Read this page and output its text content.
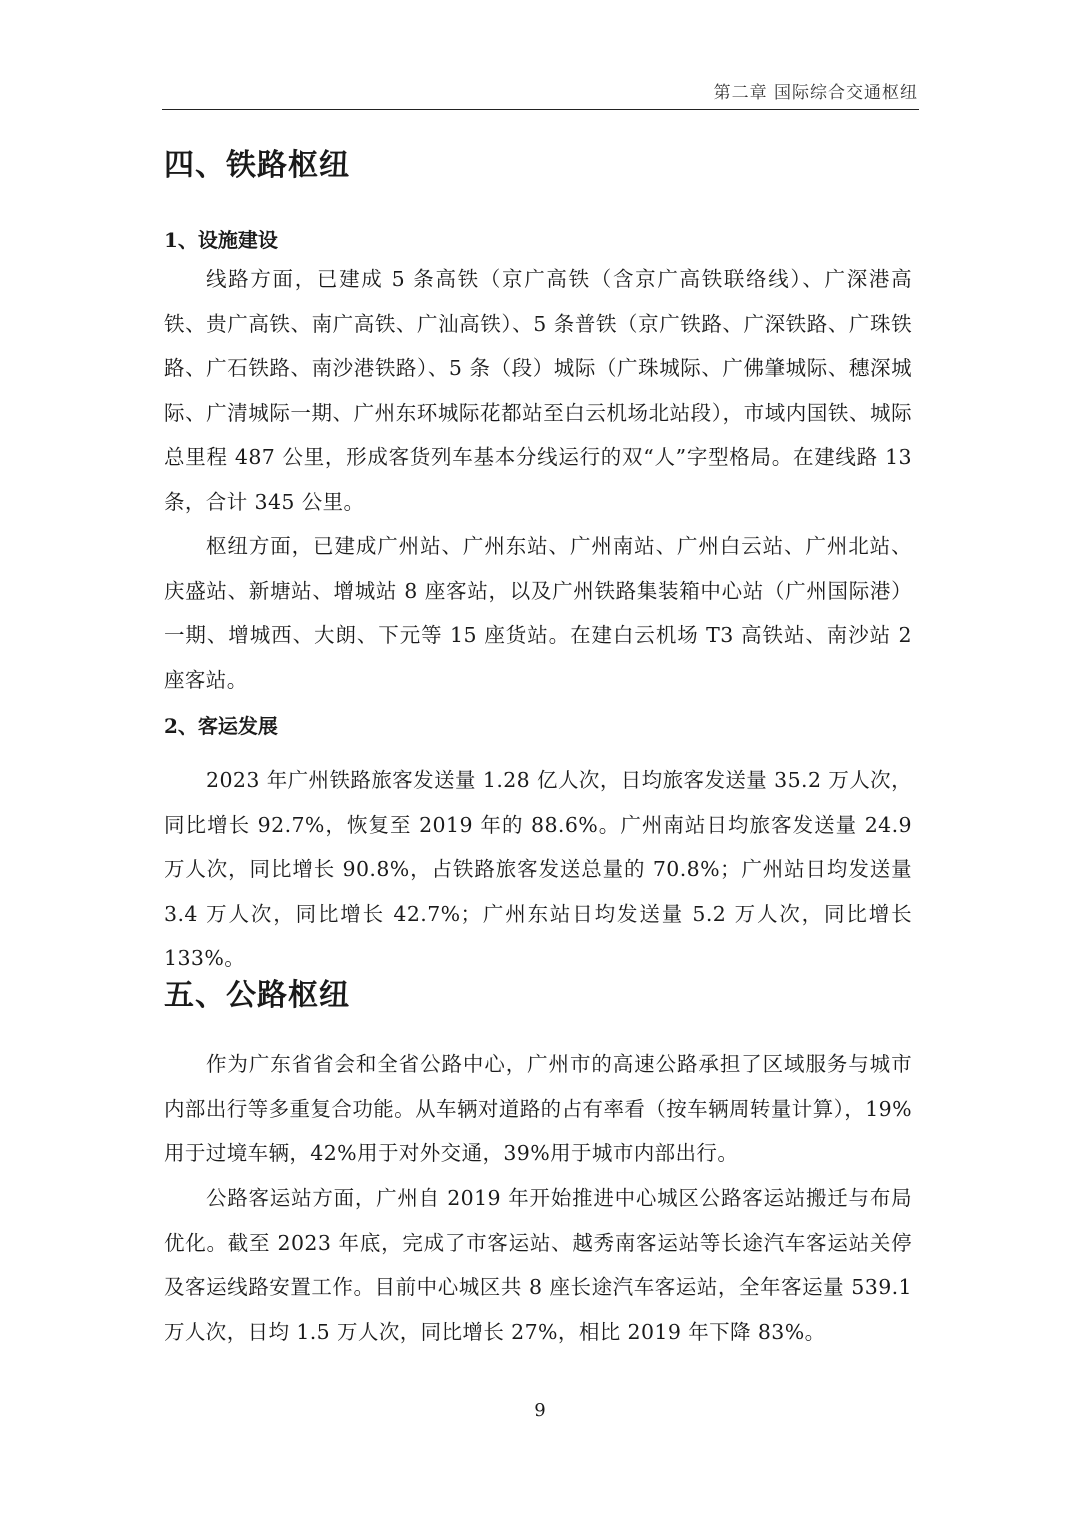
第二章 国际综合交通枢纽
四、铁路枢纽
1、设施建设

线路方面，已建成 5 条高铁（京广高铁（含京广高铁联络线）、广深港高铁、贵广高铁、南广高铁、广汕高铁）、5 条普铁（京广铁路、广深铁路、广珠铁路、广石铁路、南沙港铁路）、5 条（段）城际（广珠城际、广佛肇城际、穗深城际、广清城际一期、广州东环城际花都站至白云机场北站段），市域内国铁、城际总里程 487 公里，形成客货列车基本分线运行的双“人”字型格局。在建线路 13 条，合计 345 公里。

枢纽方面，已建成广州站、广州东站、广州南站、广州白云站、广州北站、庆盛站、新塘站、增城站 8 座客站，以及广州铁路集装箱中心站（广州国际港）一期、增城西、大朗、下元等 15 座货站。在建白云机场 T3 高铁站、南沙站 2 座客站。

2、客运发展

2023 年广州铁路旅客发送量 1.28 亿人次，日均旅客发送量 35.2 万人次，同比增长 92.7%，恢复至 2019 年的 88.6%。广州南站日均旅客发送量 24.9 万人次，同比增长 90.8%，占铁路旅客发送总量的 70.8%；广州站日均发送量 3.4 万人次，同比增长 42.7%；广州东站日均发送量 5.2 万人次，同比增长 133%。

五、公路枢纽

作为广东省省会和全省公路中心，广州市的高速公路承担了区域服务与城市内部出行等多重复合功能。从车辆对道路的占有率看（按车辆周转量计算），19%用于过境车辆，42%用于对外交通，39%用于城市内部出行。

公路客运站方面，广州自 2019 年开始推进中心城区公路客运站搬迁与布局优化。截至 2023 年底，完成了市客运站、越秀南客运站等长途汽车客运站关停及客运线路安置工作。目前中心城区共 8 座长途汽车客运站，全年客运量 539.1 万人次，日均 1.5 万人次，同比增长 27%，相比 2019 年下降 83%。

9
